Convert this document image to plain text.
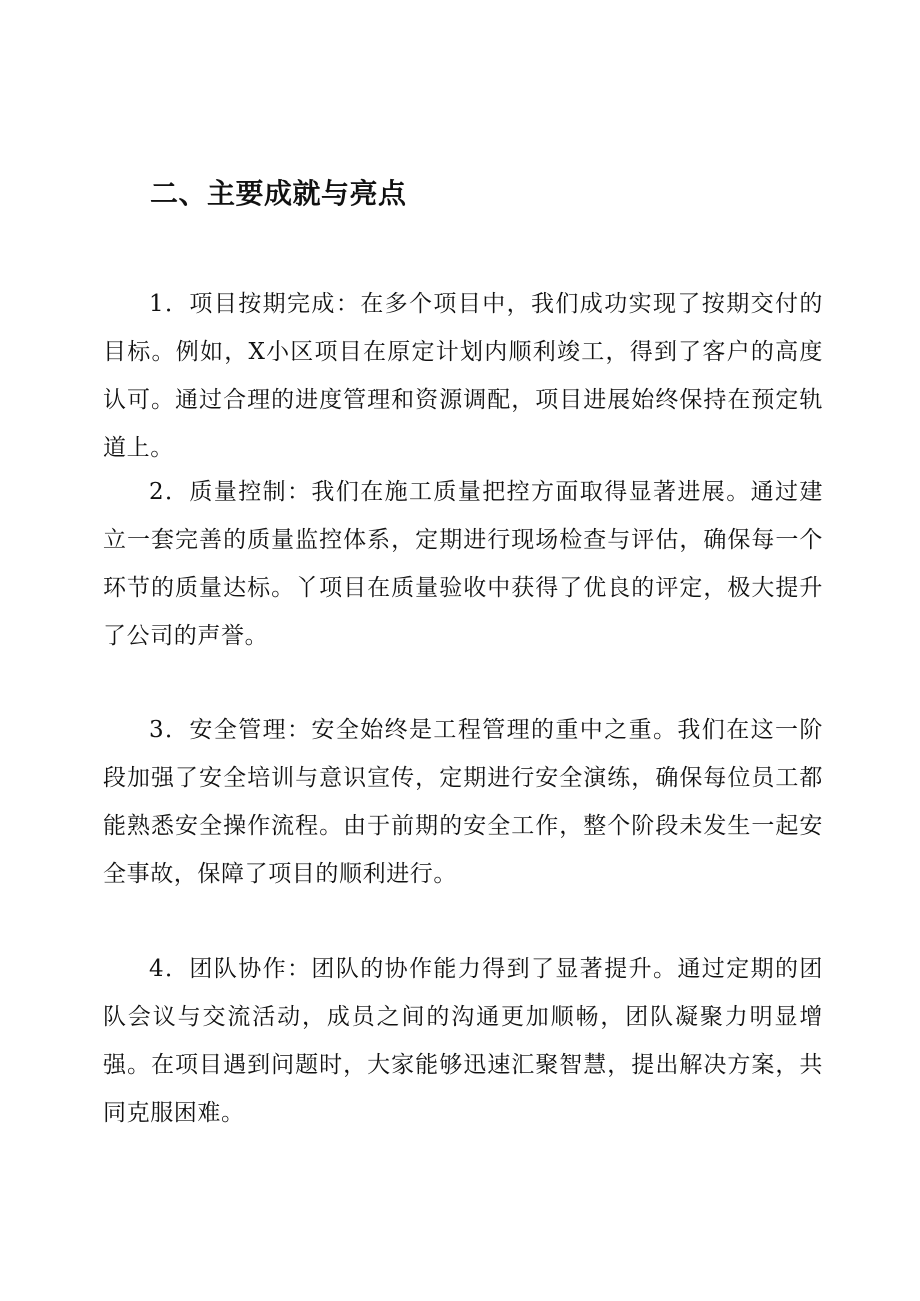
二、主要成就与亮点

1．项目按期完成：在多个项目中，我们成功实现了按期交付的目标。例如，X小区项目在原定计划内顺利竣工，得到了客户的高度认可。通过合理的进度管理和资源调配，项目进展始终保持在预定轨道上。

2．质量控制：我们在施工质量把控方面取得显著进展。通过建立一套完善的质量监控体系，定期进行现场检查与评估，确保每一个环节的质量达标。丫项目在质量验收中获得了优良的评定，极大提升了公司的声誉。

3．安全管理：安全始终是工程管理的重中之重。我们在这一阶段加强了安全培训与意识宣传，定期进行安全演练，确保每位员工都能熟悉安全操作流程。由于前期的安全工作，整个阶段未发生一起安全事故，保障了项目的顺利进行。

4．团队协作：团队的协作能力得到了显著提升。通过定期的团队会议与交流活动，成员之间的沟通更加顺畅，团队凝聚力明显增强。在项目遇到问题时，大家能够迅速汇聚智慧，提出解决方案，共同克服困难。
